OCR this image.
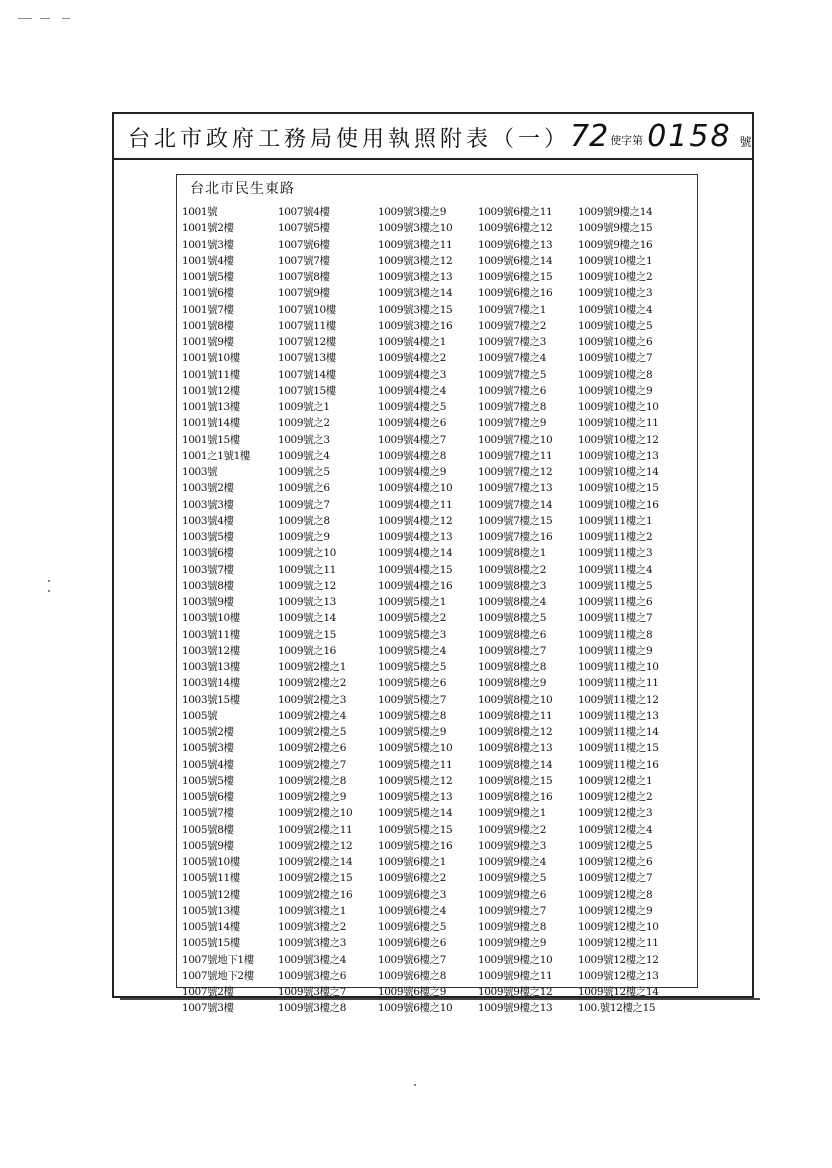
台北市政府工務局使用執照附表（一） 72 使字第 0158 號
台北市民生東路
1001號
1001號2樓
1001號3樓
1001號4樓
1001號5樓
1001號6樓
1001號7樓
1001號8樓
1001號9樓
1001號10樓
1001號11樓
1001號12樓
1001號13樓
1001號14樓
1001號15樓
1001之1號1樓
1003號
1003號2樓
1003號3樓
1003號4樓
1003號5樓
1003號6樓
1003號7樓
1003號8樓
1003號9樓
1003號10樓
1003號11樓
1003號12樓
1003號13樓
1003號14樓
1003號15樓
1005號
1005號2樓
1005號3樓
1005號4樓
1005號5樓
1005號6樓
1005號7樓
1005號8樓
1005號9樓
1005號10樓
1005號11樓
1005號12樓
1005號13樓
1005號14樓
1005號15樓
1007號地下1樓
1007號地下2樓
1007號2樓
1007號3樓
1007號4樓
1007號5樓
1007號6樓
1007號7樓
1007號8樓
1007號9樓
1007號10樓
1007號11樓
1007號12樓
1007號13樓
1007號14樓
1007號15樓
1009號之1
1009號之2
1009號之3
1009號之4
1009號之5
1009號之6
1009號之7
1009號之8
1009號之9
1009號之10
1009號之11
1009號之12
1009號之13
1009號之14
1009號之15
1009號之16
1009號2樓之1
1009號2樓之2
1009號2樓之3
1009號2樓之4
1009號2樓之5
1009號2樓之6
1009號2樓之7
1009號2樓之8
1009號2樓之9
1009號2樓之10
1009號2樓之11
1009號2樓之12
1009號2樓之14
1009號2樓之15
1009號2樓之16
1009號3樓之1
1009號3樓之2
1009號3樓之3
1009號3樓之4
1009號3樓之6
1009號3樓之7
1009號3樓之8
1009號3樓之9
1009號3樓之10
1009號3樓之11
1009號3樓之12
1009號3樓之13
1009號3樓之14
1009號3樓之15
1009號3樓之16
1009號4樓之1
1009號4樓之2
1009號4樓之3
1009號4樓之4
1009號4樓之5
1009號4樓之6
1009號4樓之7
1009號4樓之8
1009號4樓之9
1009號4樓之10
1009號4樓之11
1009號4樓之12
1009號4樓之13
1009號4樓之14
1009號4樓之15
1009號4樓之16
1009號5樓之1
1009號5樓之2
1009號5樓之3
1009號5樓之4
1009號5樓之5
1009號5樓之6
1009號5樓之7
1009號5樓之8
1009號5樓之9
1009號5樓之10
1009號5樓之11
1009號5樓之12
1009號5樓之13
1009號5樓之14
1009號5樓之15
1009號5樓之16
1009號6樓之1
1009號6樓之2
1009號6樓之3
1009號6樓之4
1009號6樓之5
1009號6樓之6
1009號6樓之7
1009號6樓之8
1009號6樓之9
1009號6樓之10
1009號6樓之11
1009號6樓之12
1009號6樓之13
1009號6樓之14
1009號6樓之15
1009號6樓之16
1009號7樓之1
1009號7樓之2
1009號7樓之3
1009號7樓之4
1009號7樓之5
1009號7樓之6
1009號7樓之8
1009號7樓之9
1009號7樓之10
1009號7樓之11
1009號7樓之12
1009號7樓之13
1009號7樓之14
1009號7樓之15
1009號7樓之16
1009號8樓之1
1009號8樓之2
1009號8樓之3
1009號8樓之4
1009號8樓之5
1009號8樓之6
1009號8樓之7
1009號8樓之8
1009號8樓之9
1009號8樓之10
1009號8樓之11
1009號8樓之12
1009號8樓之13
1009號8樓之14
1009號8樓之15
1009號8樓之16
1009號9樓之1
1009號9樓之2
1009號9樓之3
1009號9樓之4
1009號9樓之5
1009號9樓之6
1009號9樓之7
1009號9樓之8
1009號9樓之9
1009號9樓之10
1009號9樓之11
1009號9樓之12
1009號9樓之13
1009號9樓之14
1009號9樓之15
1009號9樓之16
1009號10樓之1
1009號10樓之2
1009號10樓之3
1009號10樓之4
1009號10樓之5
1009號10樓之6
1009號10樓之7
1009號10樓之8
1009號10樓之9
1009號10樓之10
1009號10樓之11
1009號10樓之12
1009號10樓之13
1009號10樓之14
1009號10樓之15
1009號10樓之16
1009號11樓之1
1009號11樓之2
1009號11樓之3
1009號11樓之4
1009號11樓之5
1009號11樓之6
1009號11樓之7
1009號11樓之8
1009號11樓之9
1009號11樓之10
1009號11樓之11
1009號11樓之12
1009號11樓之13
1009號11樓之14
1009號11樓之15
1009號11樓之16
1009號12樓之1
1009號12樓之2
1009號12樓之3
1009號12樓之4
1009號12樓之5
1009號12樓之6
1009號12樓之7
1009號12樓之8
1009號12樓之9
1009號12樓之10
1009號12樓之11
1009號12樓之12
1009號12樓之13
1009號12樓之14
100.號12樓之15
